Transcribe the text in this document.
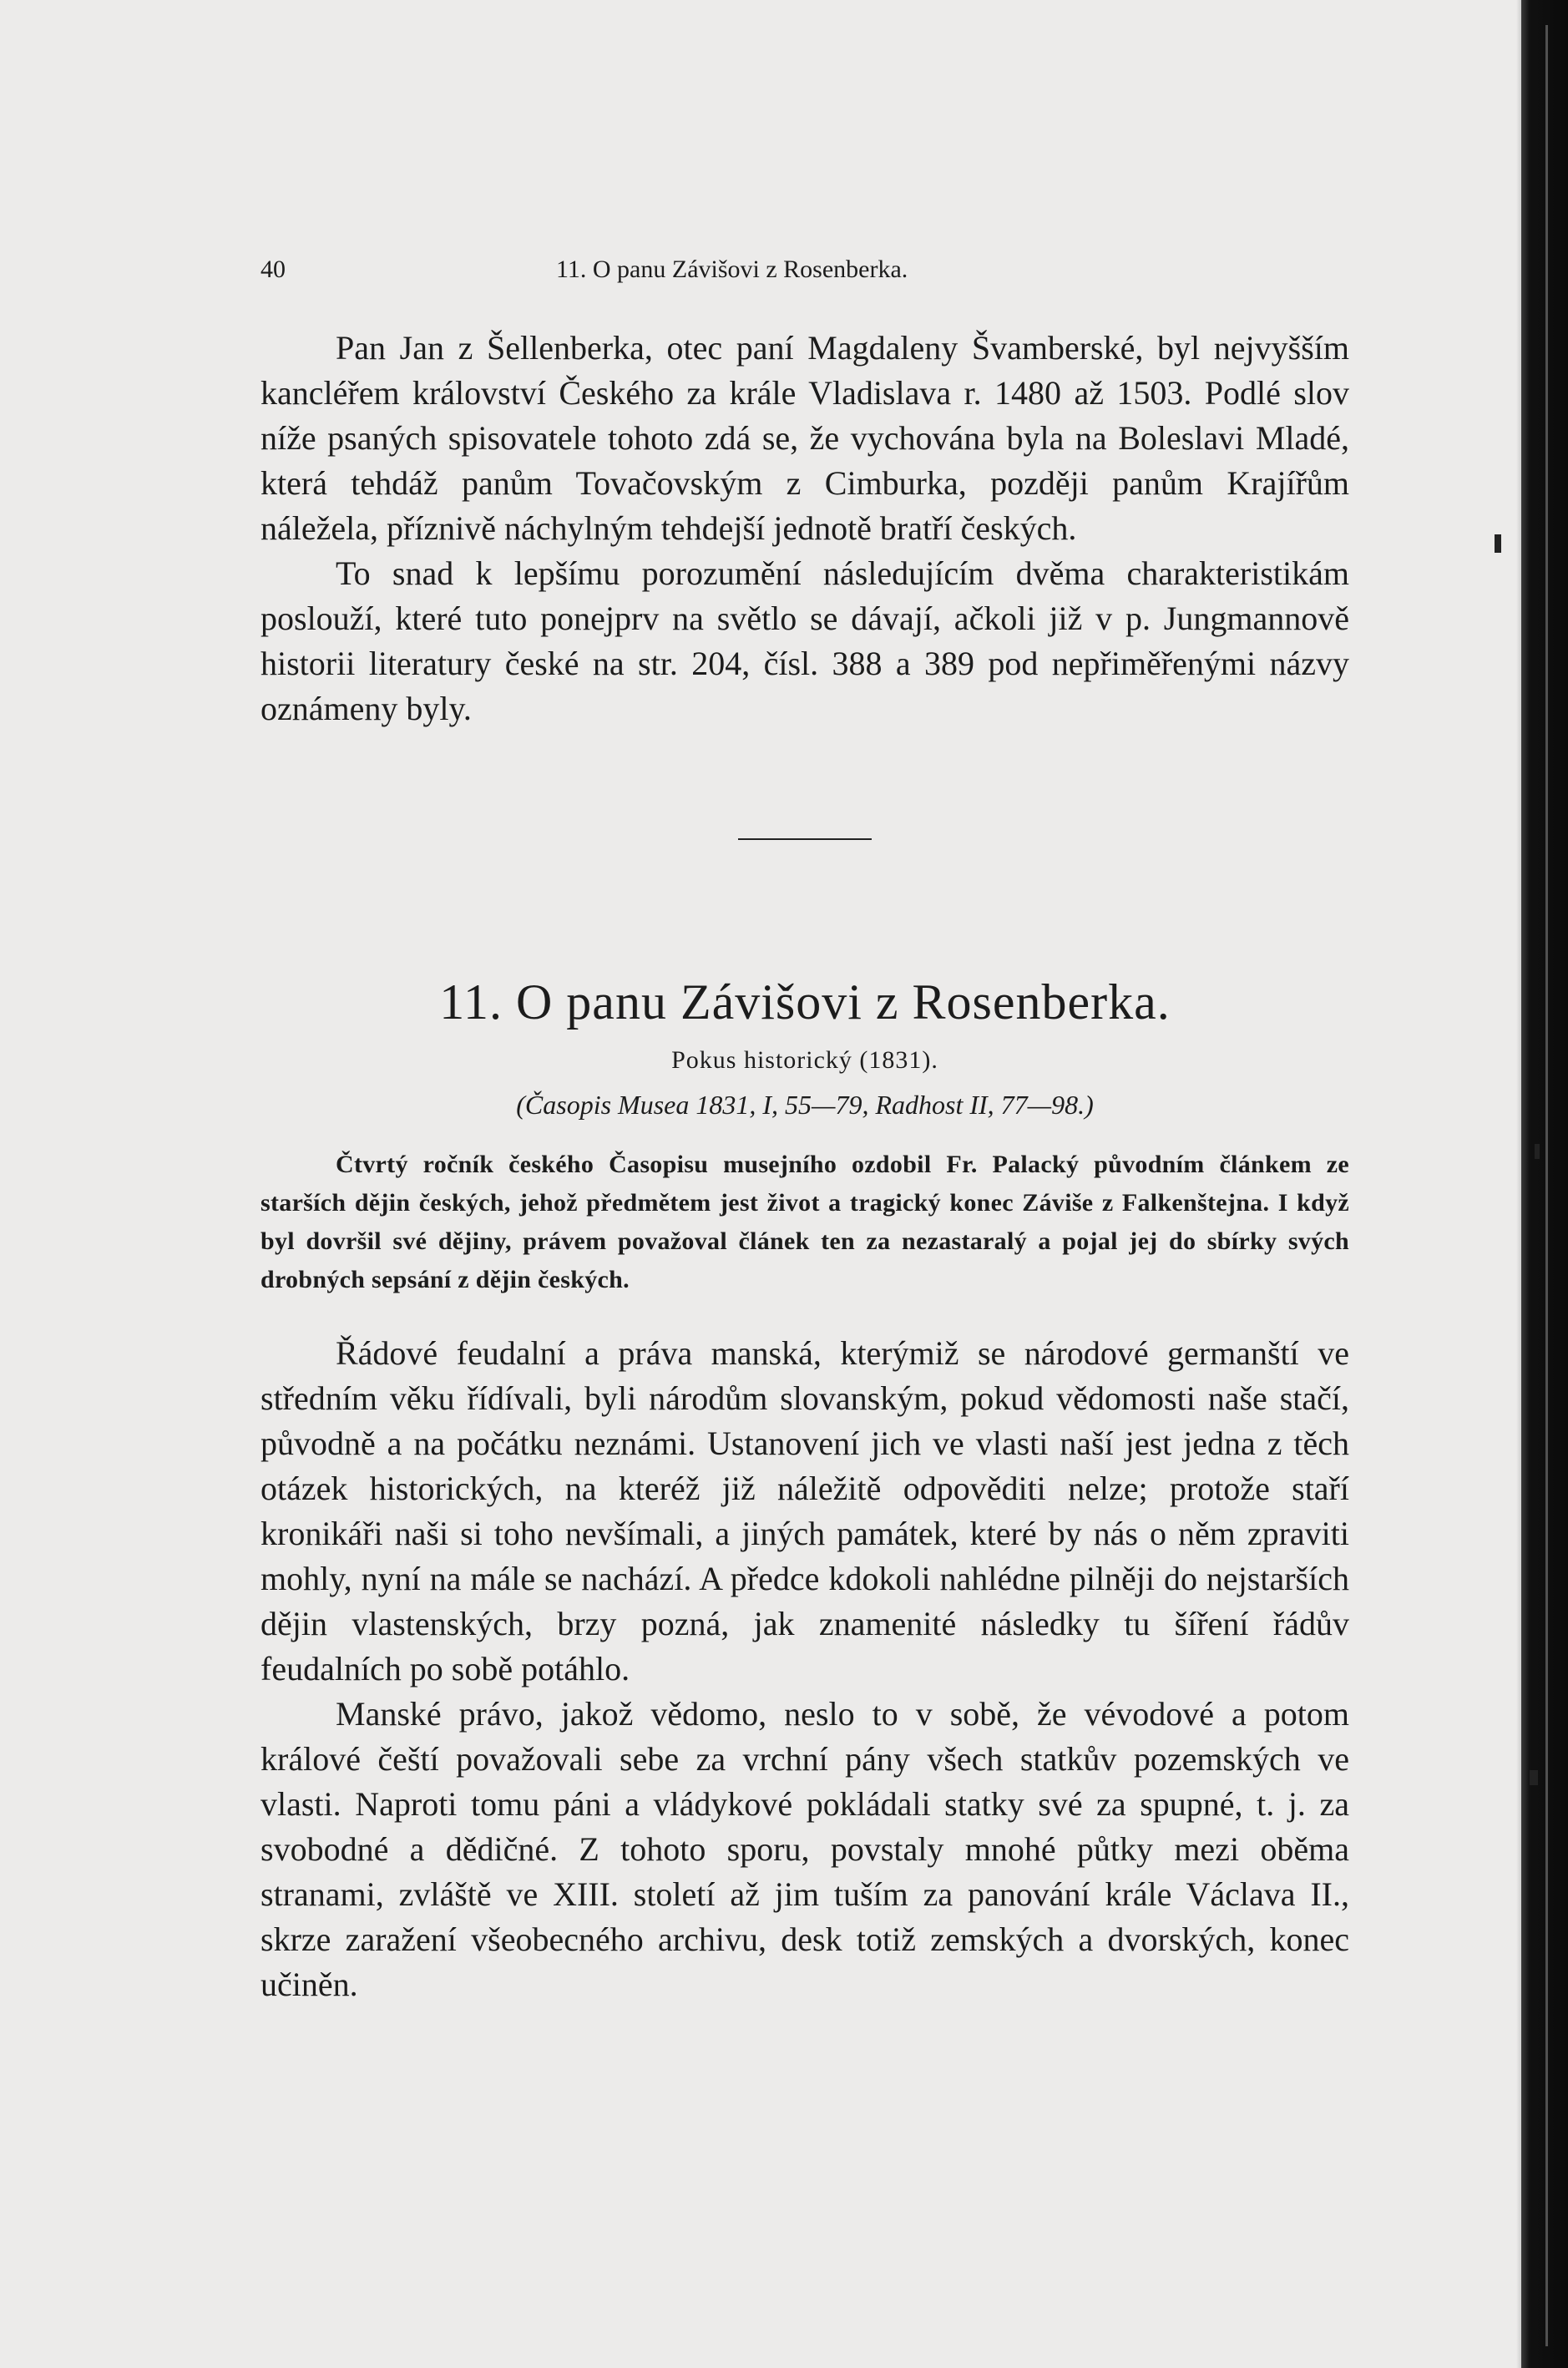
40	11. O panu Závišovi z Rosenberka.

Pan Jan z Šellenberka, otec paní Magdaleny Švamberské, byl nejvyšším kancléřem království Českého za krále Vladislava r. 1480 až 1503. Podlé slov níže psaných spisovatele tohoto zdá se, že vychována byla na Boleslavi Mladé, která tehdáž panům Tovačovským z Cimburka, později panům Krajířům náležela, příznivě náchylným tehdejší jednotě bratří českých.

To snad k lepšímu porozumění následujícím dvěma charakteristikám poslouží, které tuto ponejprv na světlo se dávají, ačkoli již v p. Jungmannově historii literatury české na str. 204, čísl. 388 a 389 pod nepřiměřenými názvy oznámeny byly.

11. O panu Závišovi z Rosenberka.
Pokus historický (1831).
(Časopis Musea 1831, I, 55—79, Radhost II, 77—98.)

Čtvrtý ročník českého Časopisu musejního ozdobil Fr. Palacký původním článkem ze starších dějin českých, jehož předmětem jest život a tragický konec Záviše z Falkenštejna. I když byl dovršil své dějiny, právem považoval článek ten za nezastaralý a pojal jej do sbírky svých drobných sepsání z dějin českých.

Řádové feudalní a práva manská, kterýmiž se národové germanští ve středním věku řídívali, byli národům slovanským, pokud vědomosti naše stačí, původně a na počátku neznámi. Ustanovení jich ve vlasti naší jest jedna z těch otázek historických, na kteréž již náležitě odpověditi nelze; protože staří kronikáři naši si toho nevšímali, a jiných památek, které by nás o něm zpraviti mohly, nyní na mále se nachází. A předce kdokoli nahlédne pilněji do nejstarších dějin vlastenských, brzy pozná, jak znamenité následky tu šíření řádův feudalních po sobě potáhlo.

Manské právo, jakož vědomo, neslo to v sobě, že vévodové a potom králové čeští považovali sebe za vrchní pány všech statkův pozemských ve vlasti. Naproti tomu páni a vládykové pokládali statky své za spupné, t. j. za svobodné a dědičné. Z tohoto sporu, povstaly mnohé půtky mezi oběma stranami, zvláště ve XIII. století až jim tuším za panování krále Václava II., skrze zaražení všeobecného archivu, desk totiž zemských a dvorských, konec učiněn.
